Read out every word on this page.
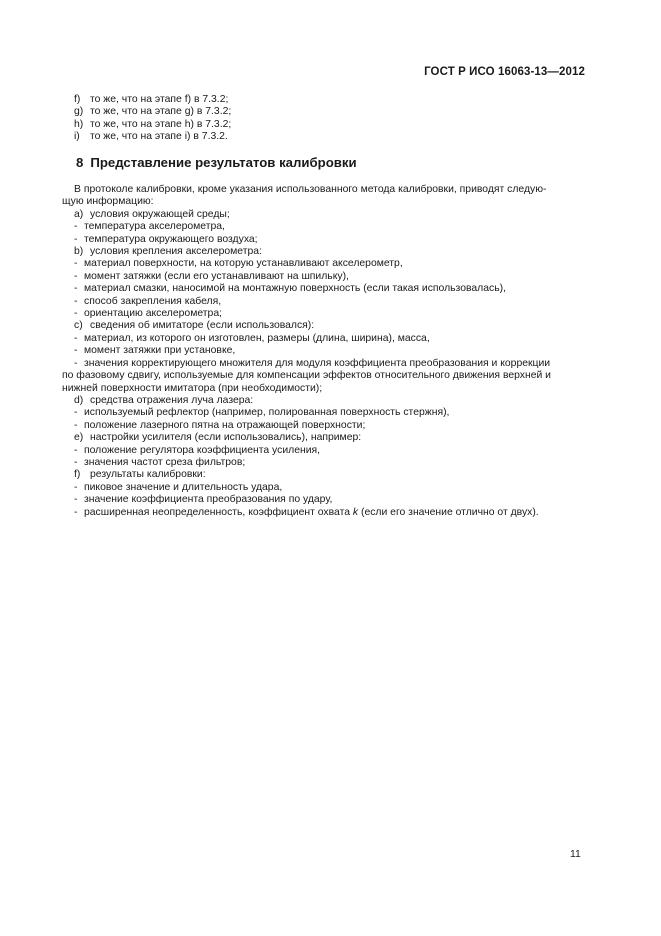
ГОСТ Р ИСО 16063-13—2012
f) то же, что на этапе f) в 7.3.2;
g) то же, что на этапе g) в 7.3.2;
h) то же, что на этапе h) в 7.3.2;
i) то же, что на этапе i) в 7.3.2.
8 Представление результатов калибровки
В протоколе калибровки, кроме указания использованного метода калибровки, приводят следую-
щую информацию:
а) условия окружающей среды;
- температура акселерометра,
- температура окружающего воздуха;
b) условия крепления акселерометра:
- материал поверхности, на которую устанавливают акселерометр,
- момент затяжки (если его устанавливают на шпильку),
- материал смазки, наносимой на монтажную поверхность (если такая использовалась),
- способ закрепления кабеля,
- ориентацию акселерометра;
с) сведения об имитаторе (если использовался):
- материал, из которого он изготовлен, размеры (длина, ширина), масса,
- момент затяжки при установке,
- значения корректирующего множителя для модуля коэффициента преобразования и коррекции
по фазовому сдвигу, используемые для компенсации эффектов относительного движения верхней и
нижней поверхности имитатора (при необходимости);
d) средства отражения луча лазера:
- используемый рефлектор (например, полированная поверхность стержня),
- положение лазерного пятна на отражающей поверхности;
е) настройки усилителя (если использовались), например:
- положение регулятора коэффициента усиления,
- значения частот среза фильтров;
f) результаты калибровки:
- пиковое значение и длительность удара,
- значение коэффициента преобразования по удару,
- расширенная неопределенность, коэффициент охвата k (если его значение отлично от двух).
11
